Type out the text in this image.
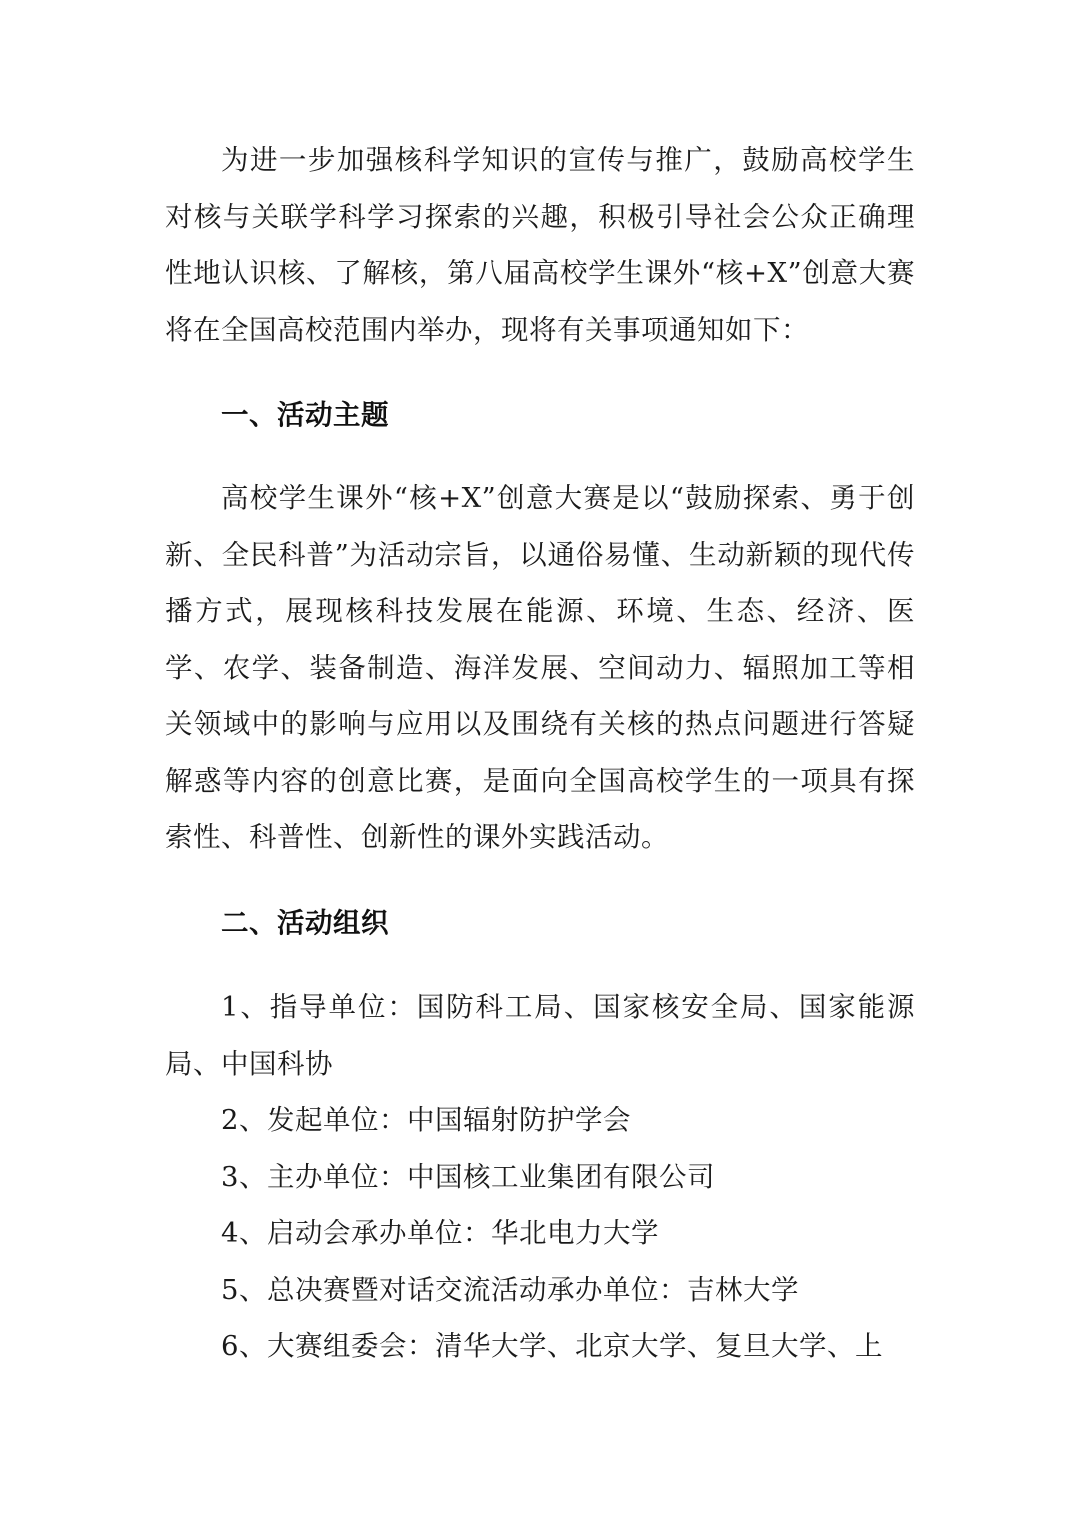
为进一步加强核科学知识的宣传与推广，鼓励高校学生对核与关联学科学习探索的兴趣，积极引导社会公众正确理性地认识核、了解核，第八届高校学生课外“核+X”创意大赛将在全国高校范围内举办，现将有关事项通知如下：

一、活动主题

高校学生课外“核+X”创意大赛是以“鼓励探索、勇于创新、全民科普”为活动宗旨，以通俗易懂、生动新颖的现代传播方式，展现核科技发展在能源、环境、生态、经济、医学、农学、装备制造、海洋发展、空间动力、辐照加工等相关领域中的影响与应用以及围绕有关核的热点问题进行答疑解惑等内容的创意比赛，是面向全国高校学生的一项具有探索性、科普性、创新性的课外实践活动。

二、活动组织

1、指导单位：国防科工局、国家核安全局、国家能源局、中国科协

2、发起单位：中国辐射防护学会

3、主办单位：中国核工业集团有限公司

4、启动会承办单位：华北电力大学

5、总决赛暨对话交流活动承办单位：吉林大学

6、大赛组委会：清华大学、北京大学、复旦大学、上
